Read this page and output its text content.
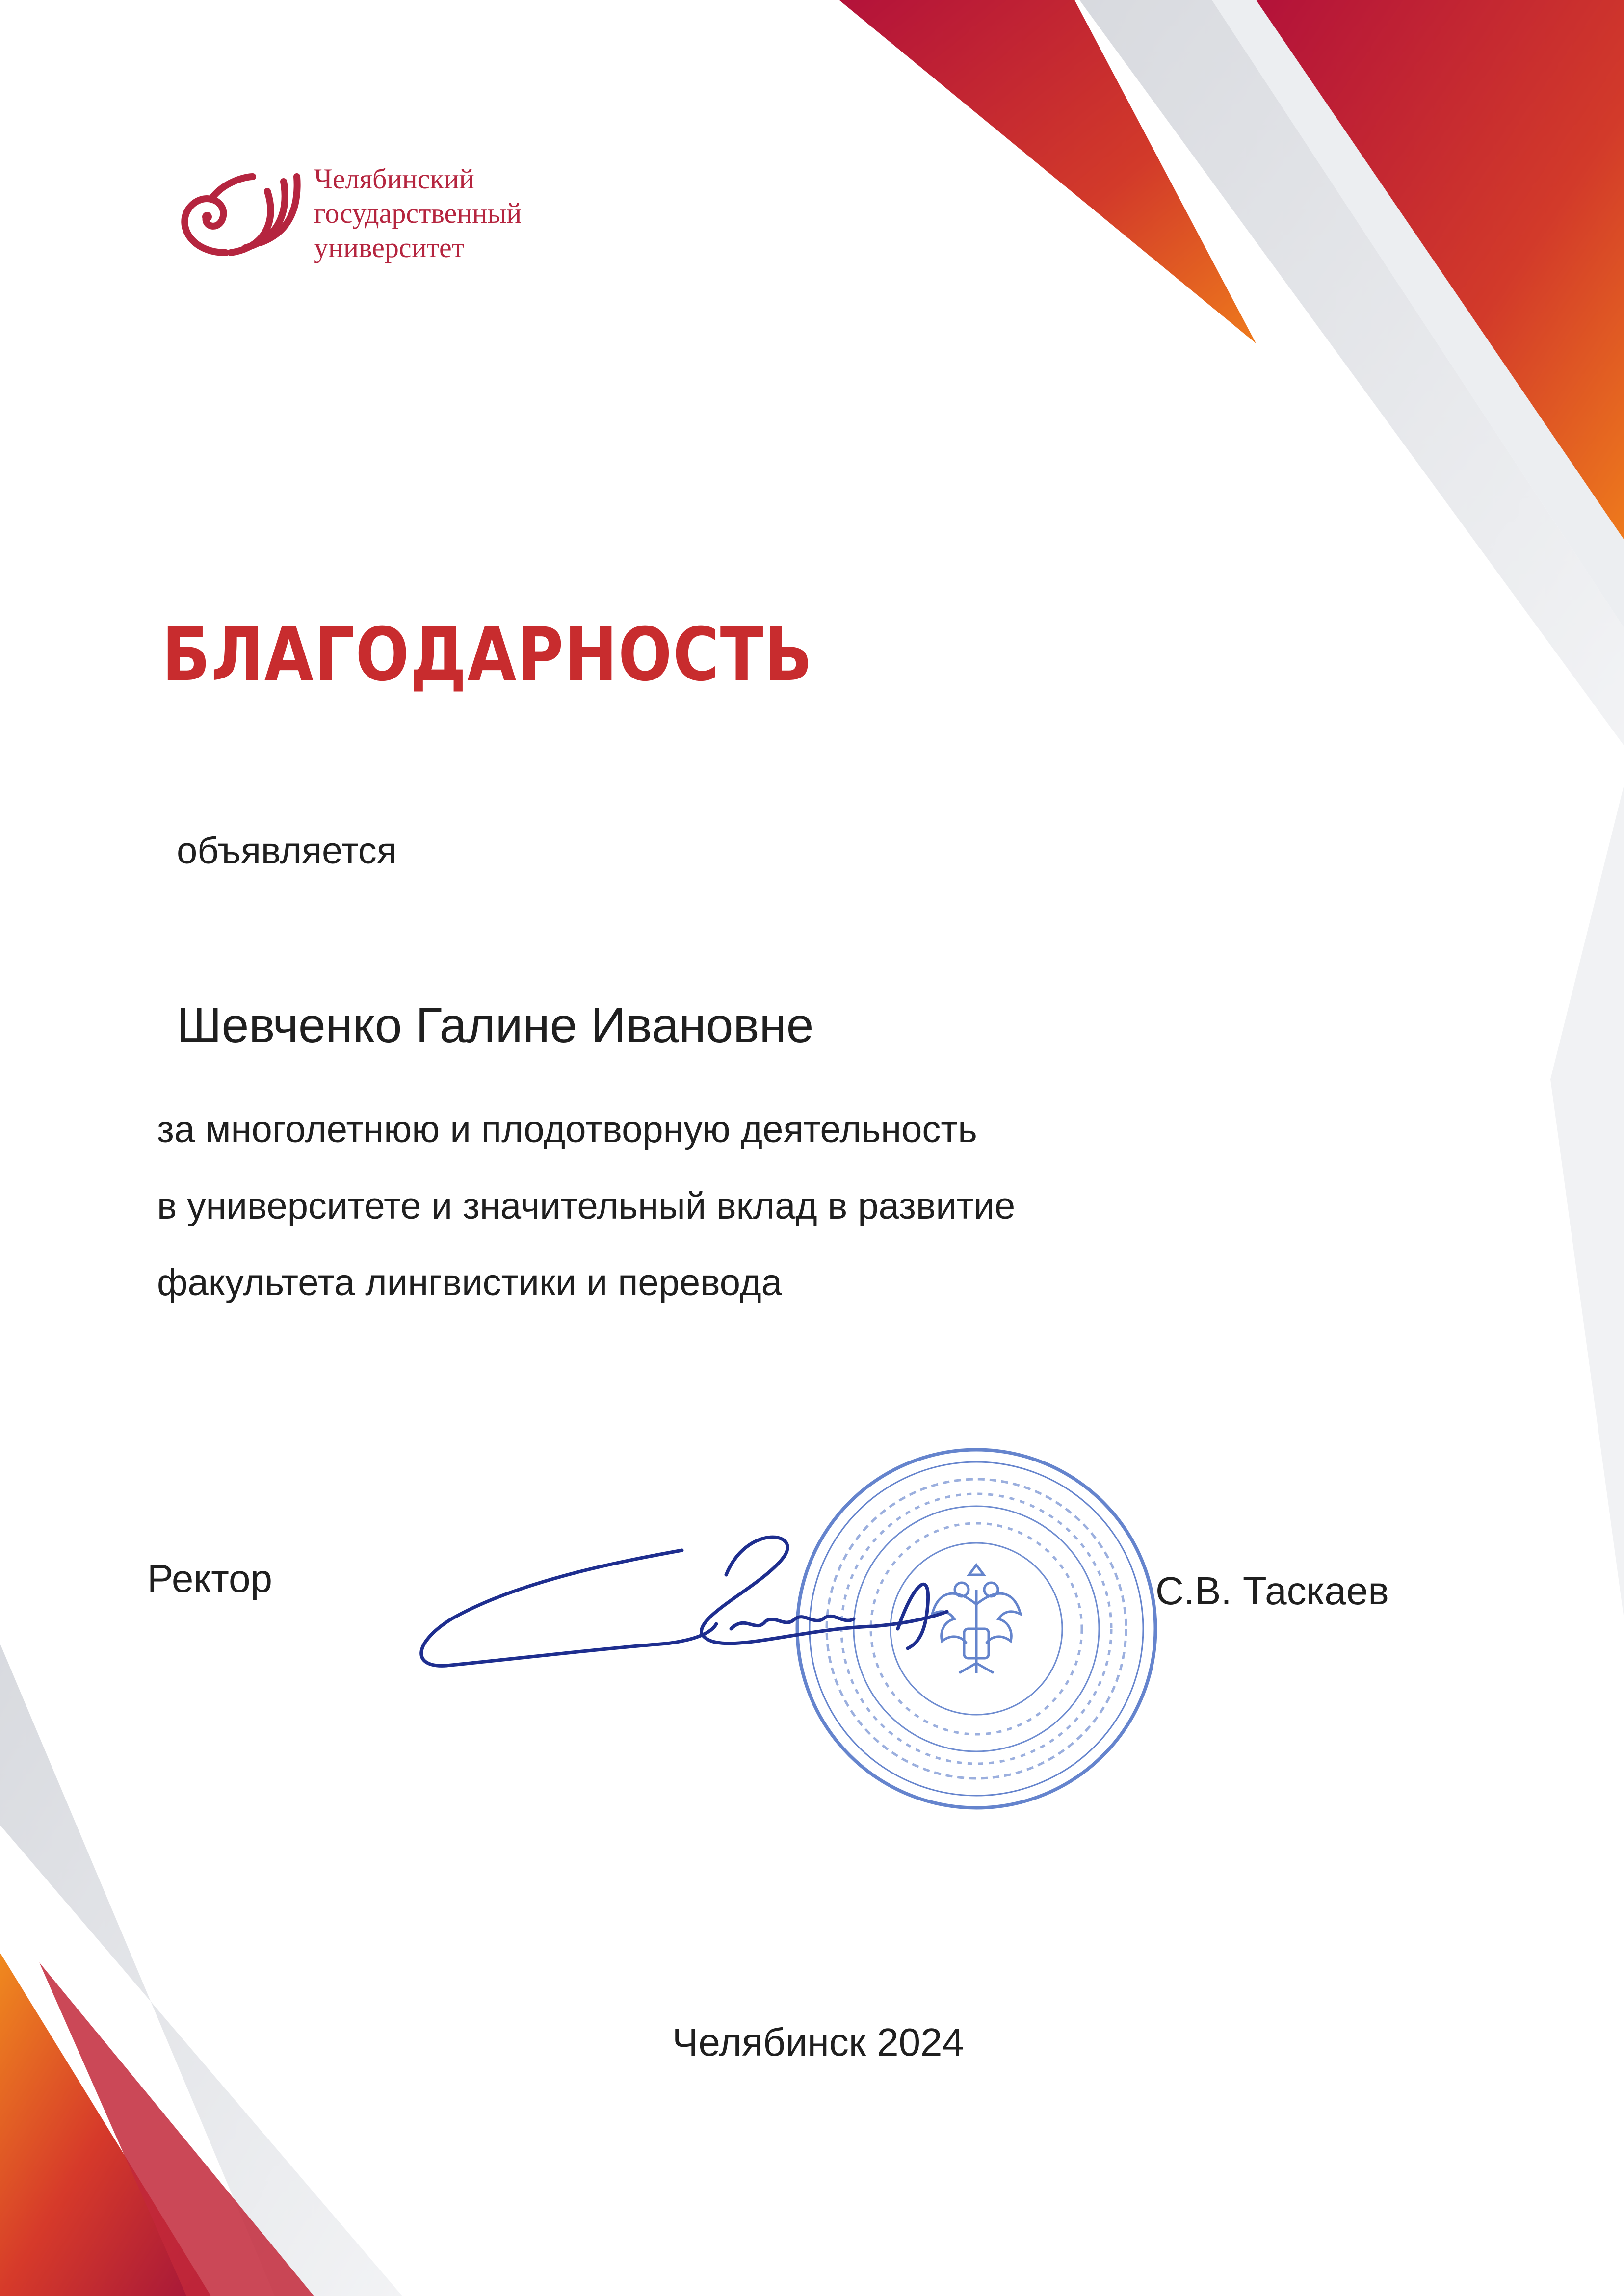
Челябинский
государственный
университет
БЛАГОДАРНОСТЬ
объявляется
Шевченко Галине Ивановне
за многолетнюю и плодотворную деятельность
в университете и значительный вклад в развитие
факультета лингвистики и перевода
Ректор	С.В. Таскаев
Челябинск 2024
